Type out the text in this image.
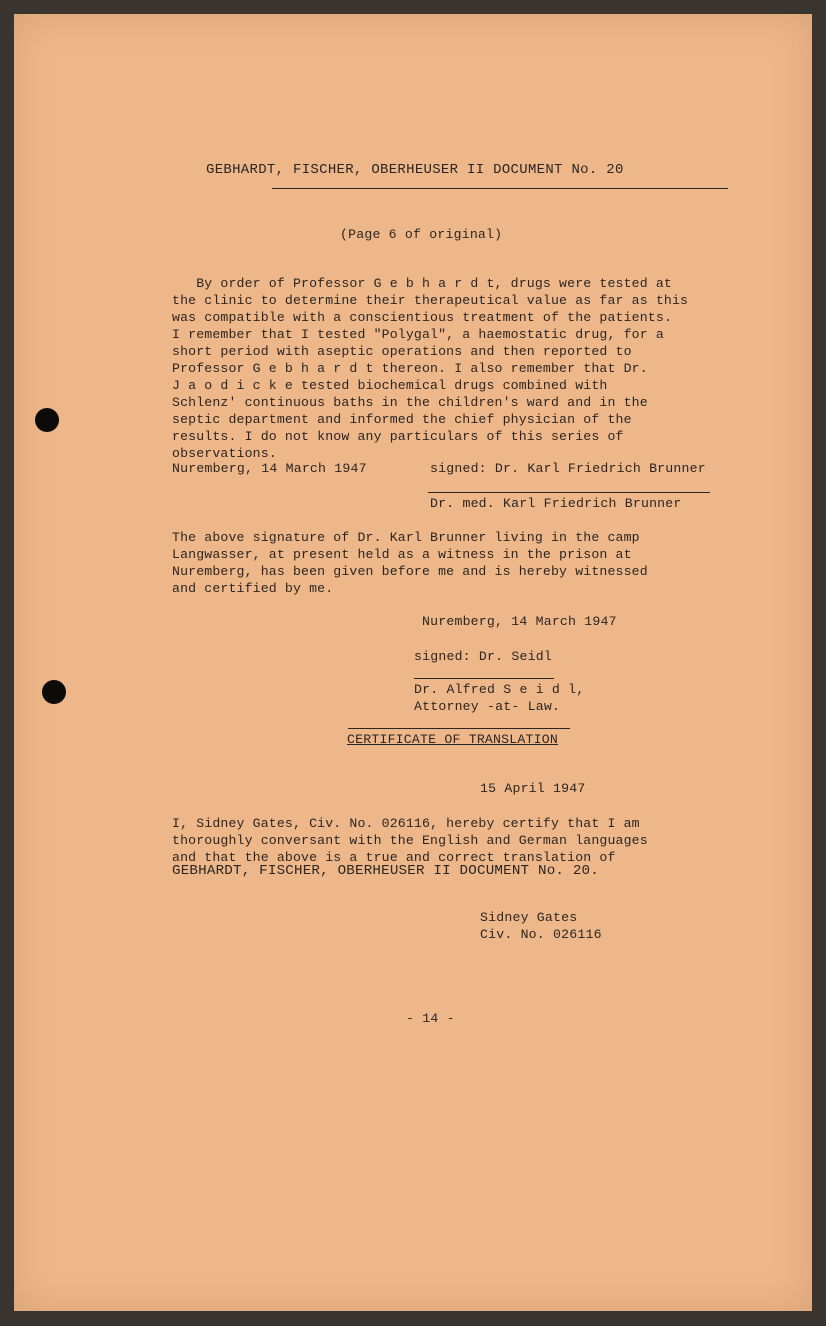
GEBHARDT, FISCHER, OBERHEUSER II DOCUMENT No. 20
(Page 6 of original)
By order of Professor G e b h a r d t, drugs were tested at
the clinic to determine their therapeutical value as far as this
was compatible with a conscientious treatment of the patients.
I remember that I tested "Polygal", a haemostatic drug, for a
short period with aseptic operations and then reported to
Professor G e b h a r d t thereon. I also remember that Dr.
J a o d i c k e tested biochemical drugs combined with
Schlenz' continuous baths in the children's ward and in the
septic department and informed the chief physician of the
results. I do not know any particulars of this series of
observations.
Nuremberg, 14 March 1947	signed: Dr. Karl Friedrich Brunner
Dr. med. Karl Friedrich Brunner
The above signature of Dr. Karl Brunner living in the camp
Langwasser, at present held as a witness in the prison at
Nuremberg, has been given before me and is hereby witnessed
and certified by me.
Nuremberg, 14 March 1947
signed: Dr. Seidl
Dr. Alfred S e i d l,
Attorney -at- Law.
CERTIFICATE OF TRANSLATION
15 April 1947
I, Sidney Gates, Civ. No. 026116, hereby certify that I am
thoroughly conversant with the English and German languages
and that the above is a true and correct translation of
GEBHARDT, FISCHER, OBERHEUSER II DOCUMENT No. 20.
Sidney Gates
Civ. No. 026116
- 14 -
